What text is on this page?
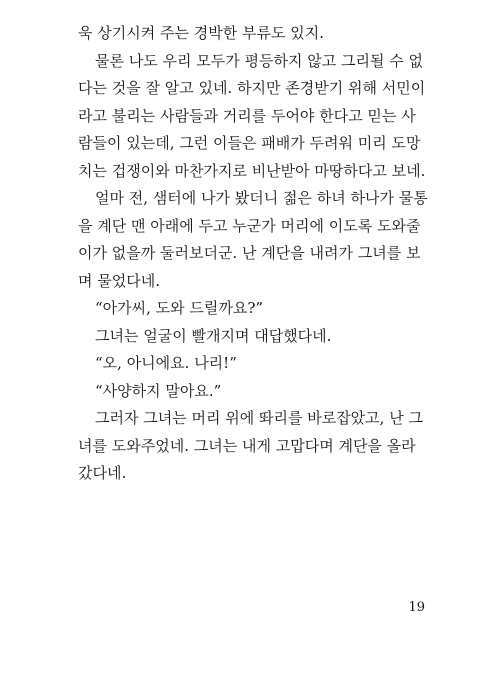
욱 상기시켜 주는 경박한 부류도 있지.
물론 나도 우리 모두가 평등하지 않고 그리될 수 없
다는 것을 잘 알고 있네. 하지만 존경받기 위해 서민이
라고 불리는 사람들과 거리를 두어야 한다고 믿는 사
람들이 있는데, 그런 이들은 패배가 두려워 미리 도망
치는 겁쟁이와 마찬가지로 비난받아 마땅하다고 보네.
얼마 전, 샘터에 나가 봤더니 젊은 하녀 하나가 물통
을 계단 맨 아래에 두고 누군가 머리에 이도록 도와줄
이가 없을까 둘러보더군. 난 계단을 내려가 그녀를 보
며 물었다네.
“아가씨, 도와 드릴까요?”
그녀는 얼굴이 빨개지며 대답했다네.
“오, 아니에요. 나리!”
“사양하지 말아요.”
그러자 그녀는 머리 위에 똬리를 바로잡았고, 난 그
녀를 도와주었네. 그녀는 내게 고맙다며 계단을 올라
갔다네.
19
